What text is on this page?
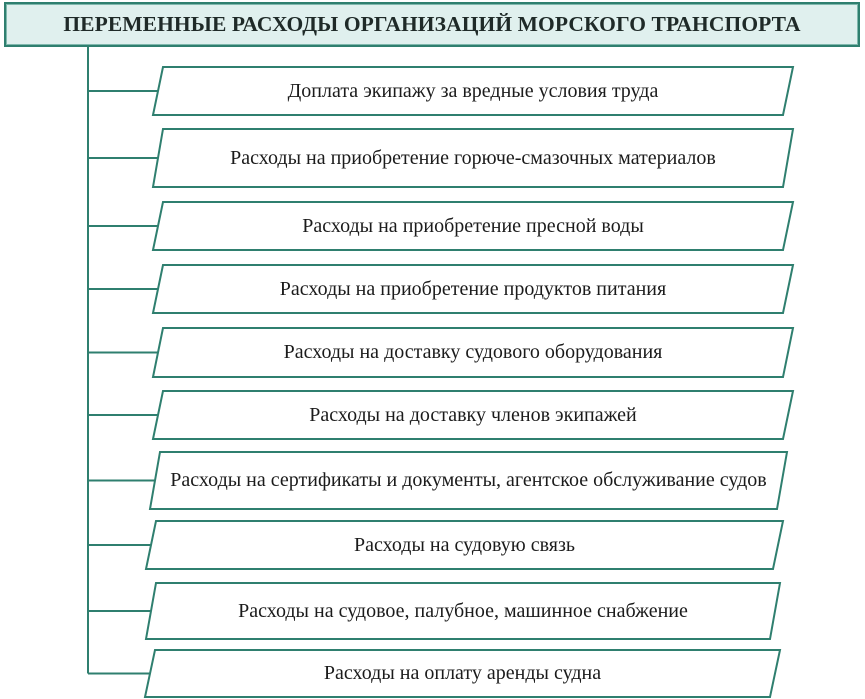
ПЕРЕМЕННЫЕ РАСХОДЫ ОРГАНИЗАЦИЙ МОРСКОГО ТРАНСПОРТА
Доплата экипажу за вредные условия труда
Расходы на приобретение горюче-смазочных материалов
Расходы на приобретение пресной воды
Расходы на приобретение продуктов питания
Расходы на доставку судового оборудования
Расходы на доставку членов экипажей
Расходы на сертификаты и документы, агентское обслуживание судов
Расходы на судовую связь
Расходы на судовое, палубное, машинное снабжение
Расходы на оплату аренды судна
